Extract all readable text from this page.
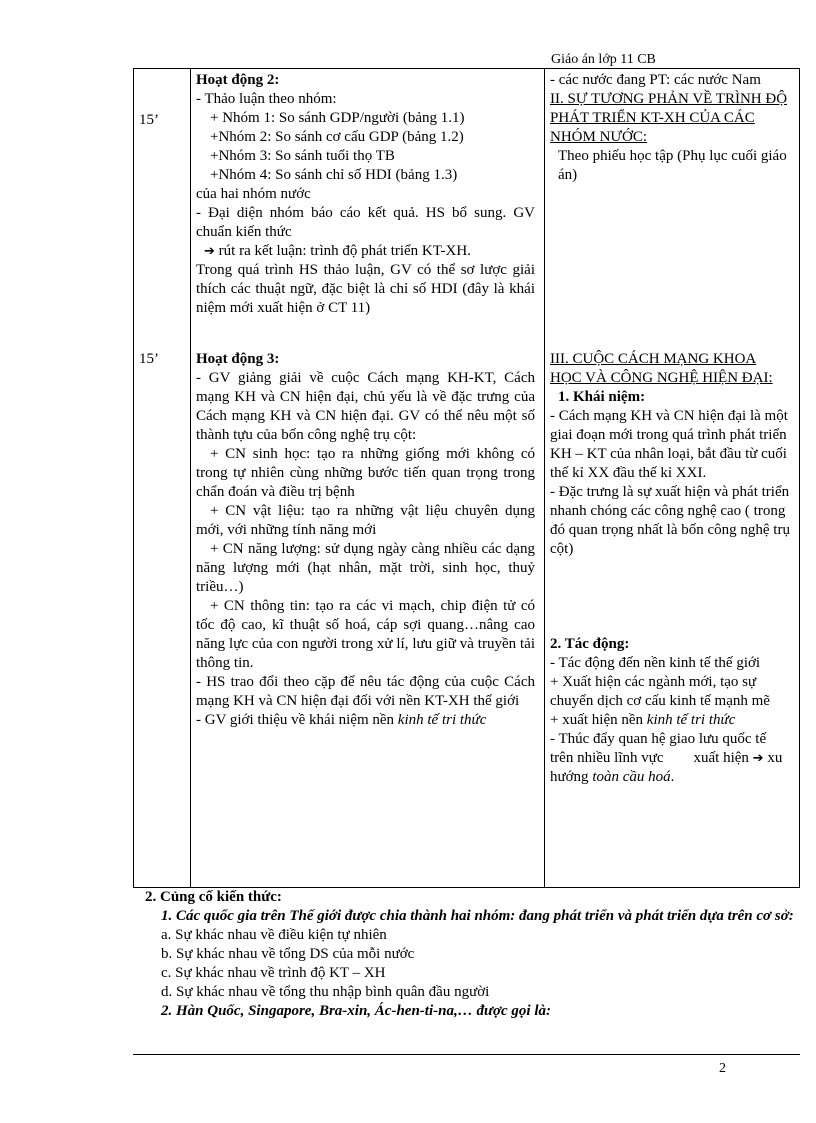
Giáo án lớp 11 CB
15’
Hoạt động 2:
- Thảo luận theo nhóm:
+ Nhóm 1: So sánh GDP/người (bảng 1.1)
+Nhóm 2: So sánh cơ cấu GDP (bảng 1.2)
+Nhóm 3: So sánh tuổi thọ TB
+Nhóm 4: So sánh chỉ số HDI (bảng 1.3)
của hai nhóm nước
- Đại diện nhóm báo cáo kết quả. HS bổ sung. GV chuẩn kiến thức
➔ rút ra kết luận: trình độ phát triển KT-XH.
Trong quá trình HS thảo luận, GV có thể sơ lược giải thích các thuật ngữ, đặc biệt là chỉ số HDI (đây là khái niệm mới xuất hiện ở CT 11)
- các nước đang PT: các nước Nam
II. SỰ TƯƠNG PHẢN VỀ TRÌNH ĐỘ PHÁT TRIỂN KT-XH CỦA CÁC NHÓM NƯỚC:
Theo phiếu học tập (Phụ lục cuối giáo án)
15’ Hoạt động 3:
- GV giảng giải về cuộc Cách mạng KH-KT, Cách mạng KH và CN hiện đại, chủ yếu là về đặc trưng của Cách mạng KH và CN hiện đại. GV có thể nêu một số thành tựu của bốn công nghệ trụ cột:
+ CN sinh học: tạo ra những giống mới không có trong tự nhiên cùng những bước tiến quan trọng trong chẩn đoán và điều trị bệnh
+ CN vật liệu: tạo ra những vật liệu chuyên dụng mới, với những tính năng mới
+ CN năng lượng: sử dụng ngày càng nhiều các dạng năng lượng mới (hạt nhân, mặt trời, sinh học, thuỷ triều…)
+ CN thông tin: tạo ra các vi mạch, chip điện tử có tốc độ cao, kĩ thuật số hoá, cáp sợi quang…nâng cao năng lực của con người trong xử lí, lưu giữ và truyền tải thông tin.
- HS trao đổi theo cặp để nêu tác động của cuộc Cách mạng KH và CN hiện đại đối với nền KT-XH thế giới
- GV giới thiệu về khái niệm nền kinh tế tri thức
III. CUỘC CÁCH MẠNG KHOA HỌC VÀ CÔNG NGHỆ HIỆN ĐẠI:
1. Khái niệm:
- Cách mạng KH và CN hiện đại là một giai đoạn mới trong quá trình phát triển KH – KT của nhân loại, bắt đầu từ cuối thế kỉ XX đầu thế kỉ XXI.
- Đặc trưng là sự xuất hiện và phát triển nhanh chóng các công nghệ cao ( trong đó quan trọng nhất là bốn công nghệ trụ cột)
2. Tác động:
- Tác động đến nền kinh tế thế giới
+ Xuất hiện các ngành mới, tạo sự chuyển dịch cơ cấu kinh tế mạnh mẽ
+ xuất hiện nền kinh tế tri thức
- Thúc đẩy quan hệ giao lưu quốc tế trên nhiều lĩnh vực        xuất hiện ➔ xu hướng toàn cầu hoá.
2. Củng cố kiến thức:
1. Các quốc gia trên Thế giới được chia thành hai nhóm: đang phát triển và phát triển dựa trên cơ sở:
a. Sự khác nhau về điều kiện tự nhiên
b. Sự khác nhau về tổng DS của mỗi nước
c. Sự khác nhau về trình độ KT – XH
d. Sự khác nhau về tổng thu nhập bình quân đầu người
2. Hàn Quốc, Singapore, Bra-xin, Ác-hen-ti-na,… được gọi là:
2
